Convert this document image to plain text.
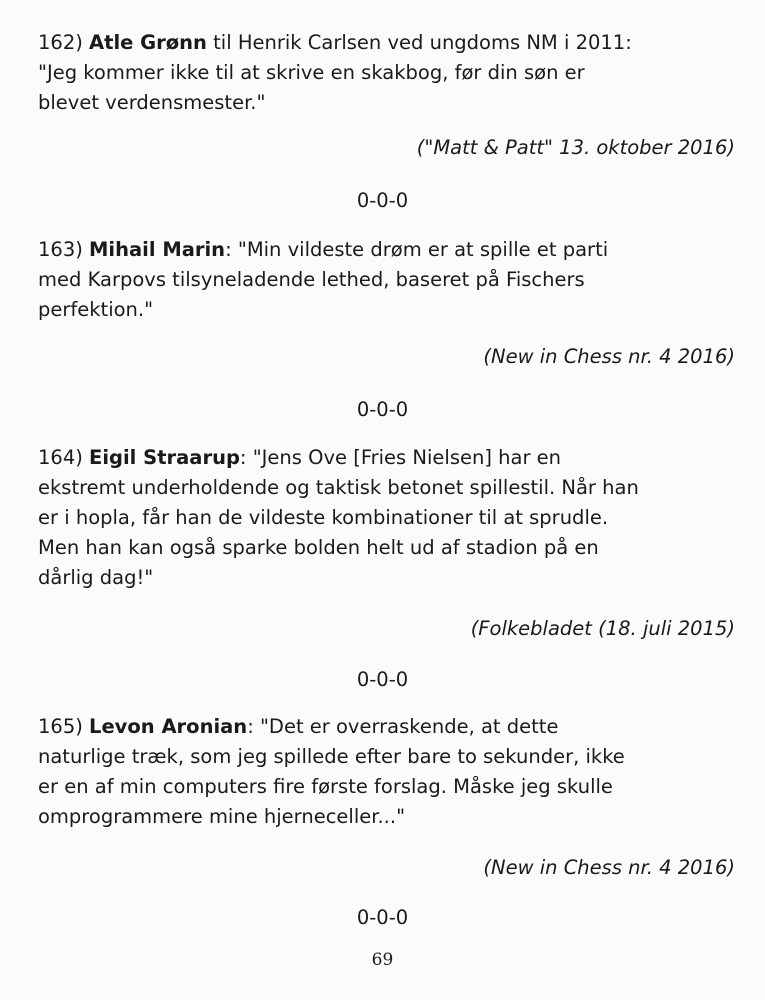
162) Atle Grønn til Henrik Carlsen ved ungdoms NM i 2011:

"Jeg kommer ikke til at skrive en skakbog, før din søn er

blevet verdensmester."

("Matt & Patt" 13. oktober 2016)
0-0-0

163) Mihail Marin: "Min vildeste drøm er at spille et parti

med Karpovs tilsyneladende lethed, baseret på Fischers

perfektion."

(New in Chess nr. 4 2016)
0-0-0

164) Eigil Straarup: "Jens Ove [Fries Nielsen] har en

ekstremt underholdende og taktisk betonet spillestil. Når han

er i hopla, får han de vildeste kombinationer til at sprudle.

Men han kan også sparke bolden helt ud af stadion på en

dårlig dag!"

(Folkebladet (18. juli 2015)
0-0-0

165) Levon Aronian: "Det er overraskende, at dette

naturlige træk, som jeg spillede efter bare to sekunder, ikke

er en af min computers fire første forslag. Måske jeg skulle

omprogrammere mine hjerneceller..."

(New in Chess nr. 4 2016)
0-0-0
69
